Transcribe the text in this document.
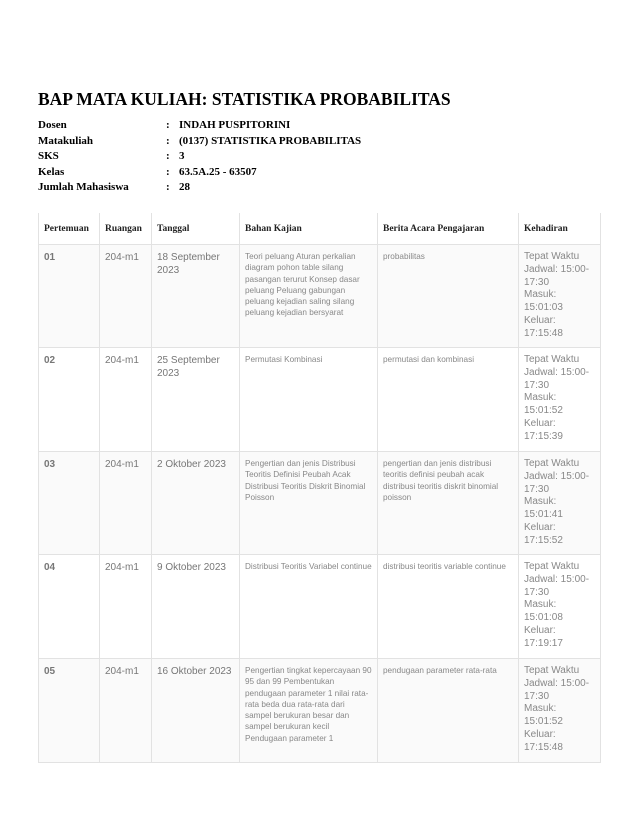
BAP MATA KULIAH: STATISTIKA PROBABILITAS
Dosen	: INDAH PUSPITORINI
Matakuliah	: (0137) STATISTIKA PROBABILITAS
SKS	: 3
Kelas	: 63.5A.25 - 63507
Jumlah Mahasiswa	: 28
Pertemuan	Ruangan	Tanggal	Bahan Kajian	Berita Acara Pengajaran	Kehadiran
01	204-m1	18 September 2023	Teori peluang Aturan perkalian diagram pohon table silang pasangan terurut Konsep dasar peluang Peluang gabungan peluang kejadian saling silang peluang kejadian bersyarat	probabilitas	Tepat Waktu
Jadwal: 15:00-17:30
Masuk: 15:01:03
Keluar: 17:15:48

02	204-m1	25 September 2023	Permutasi Kombinasi	permutasi dan kombinasi	Tepat Waktu
Jadwal: 15:00-17:30
Masuk: 15:01:52
Keluar: 17:15:39

03	204-m1	2 Oktober 2023	Pengertian dan jenis Distribusi Teoritis Definisi Peubah Acak Distribusi Teoritis Diskrit Binomial Poisson	pengertian dan jenis distribusi teoritis definisi peubah acak distribusi teoritis diskrit binomial poisson	Tepat Waktu
Jadwal: 15:00-17:30
Masuk: 15:01:41
Keluar: 17:15:52

04	204-m1	9 Oktober 2023	Distribusi Teoritis Variabel continue	distribusi teoritis variable continue	Tepat Waktu
Jadwal: 15:00-17:30
Masuk: 15:01:08
Keluar: 17:19:17

05	204-m1	16 Oktober 2023	Pengertian tingkat kepercayaan 90 95 dan 99 Pembentukan pendugaan parameter 1 nilai rata-rata beda dua rata-rata dari sampel berukuran besar dan sampel berukuran kecil Pendugaan parameter 1	pendugaan parameter rata-rata	Tepat Waktu
Jadwal: 15:00-17:30
Masuk: 15:01:52
Keluar: 17:15:48
